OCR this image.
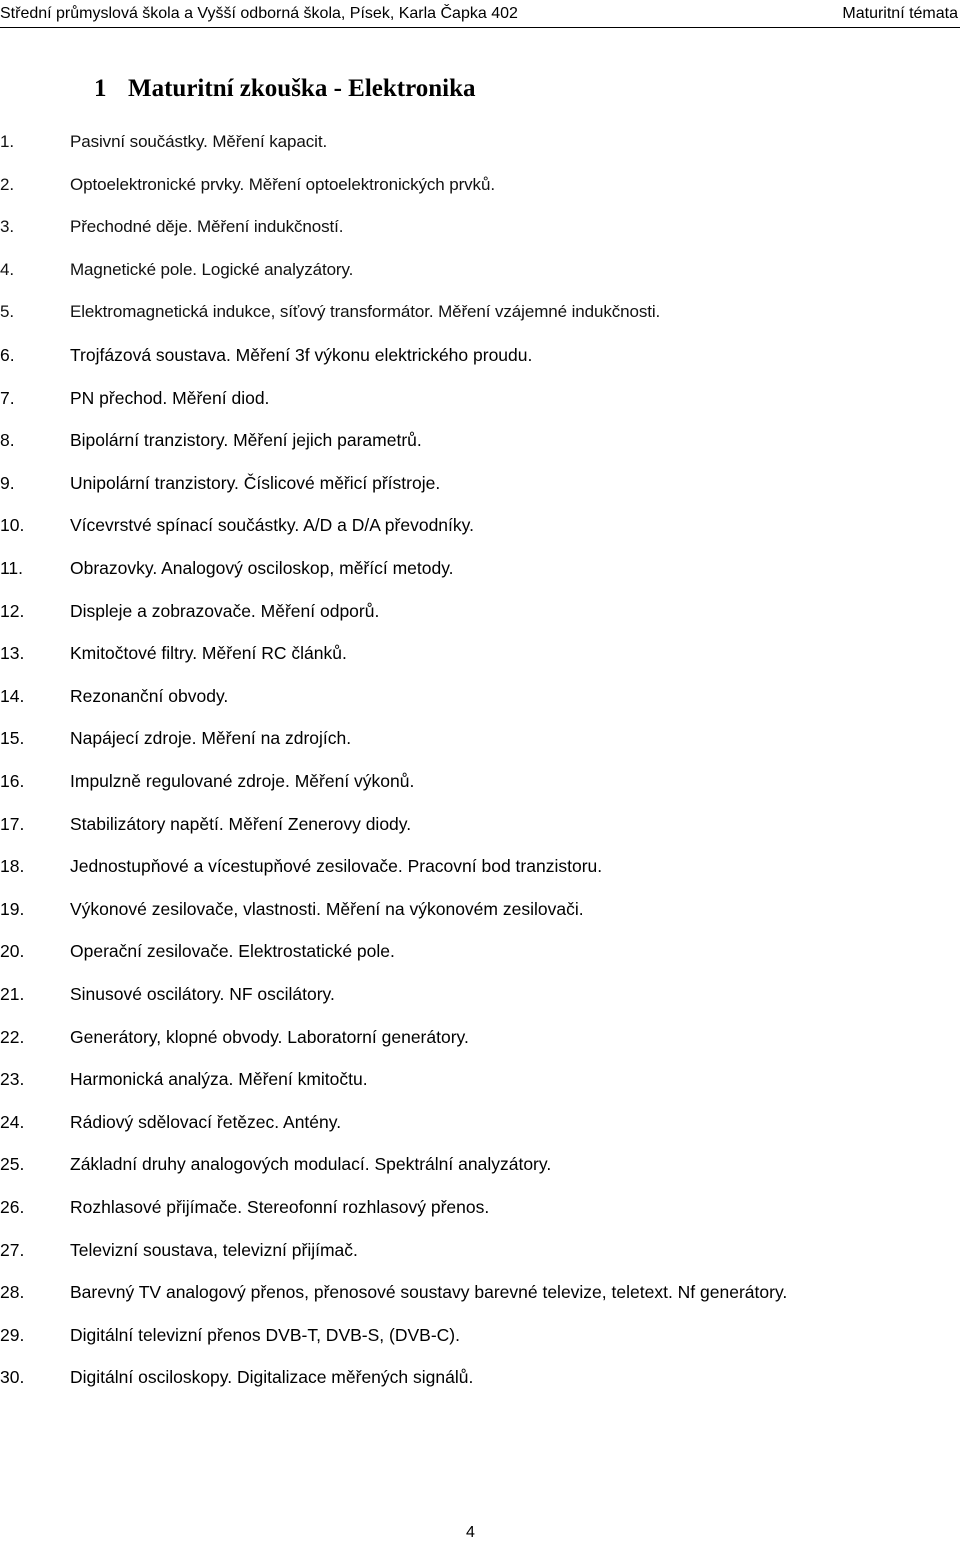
Střední průmyslová škola a Vyšší odborná škola, Písek, Karla Čapka 402	Maturitní témata
1 Maturitní zkouška - Elektronika
1.	Pasivní součástky. Měření kapacit.
2.	Optoelektronické prvky. Měření optoelektronických prvků.
3.	Přechodné děje. Měření indukčností.
4.	Magnetické pole. Logické analyzátory.
5.	Elektromagnetická indukce, síťový transformátor. Měření vzájemné indukčnosti.
6.	Trojfázová soustava. Měření 3f výkonu elektrického proudu.
7.	PN přechod. Měření diod.
8.	Bipolární tranzistory. Měření jejich parametrů.
9.	Unipolární tranzistory. Číslicové měřicí přístroje.
10.	Vícevrstvé spínací součástky. A/D a D/A převodníky.
11.	Obrazovky. Analogový osciloskop, měřící metody.
12.	Displeje a zobrazovače. Měření odporů.
13.	Kmitočtové filtry. Měření RC článků.
14.	Rezonanční obvody.
15.	Napájecí zdroje. Měření na zdrojích.
16.	Impulzně regulované zdroje. Měření výkonů.
17.	Stabilizátory napětí. Měření Zenerovy diody.
18.	Jednostupňové a vícestupňové zesilovače. Pracovní bod tranzistoru.
19.	Výkonové zesilovače, vlastnosti. Měření na výkonovém zesilovači.
20.	Operační zesilovače. Elektrostatické pole.
21.	Sinusové oscilátory. NF oscilátory.
22.	Generátory, klopné obvody. Laboratorní generátory.
23.	Harmonická analýza. Měření kmitočtu.
24.	Rádiový sdělovací řetězec. Antény.
25.	Základní druhy analogových modulací. Spektrální analyzátory.
26.	Rozhlasové přijímače. Stereofonní rozhlasový přenos.
27.	Televizní soustava, televizní přijímač.
28.	Barevný TV analogový přenos, přenosové soustavy barevné televize, teletext. Nf generátory.
29.	Digitální televizní přenos DVB-T, DVB-S, (DVB-C).
30.	Digitální osciloskopy. Digitalizace měřených signálů.
4
